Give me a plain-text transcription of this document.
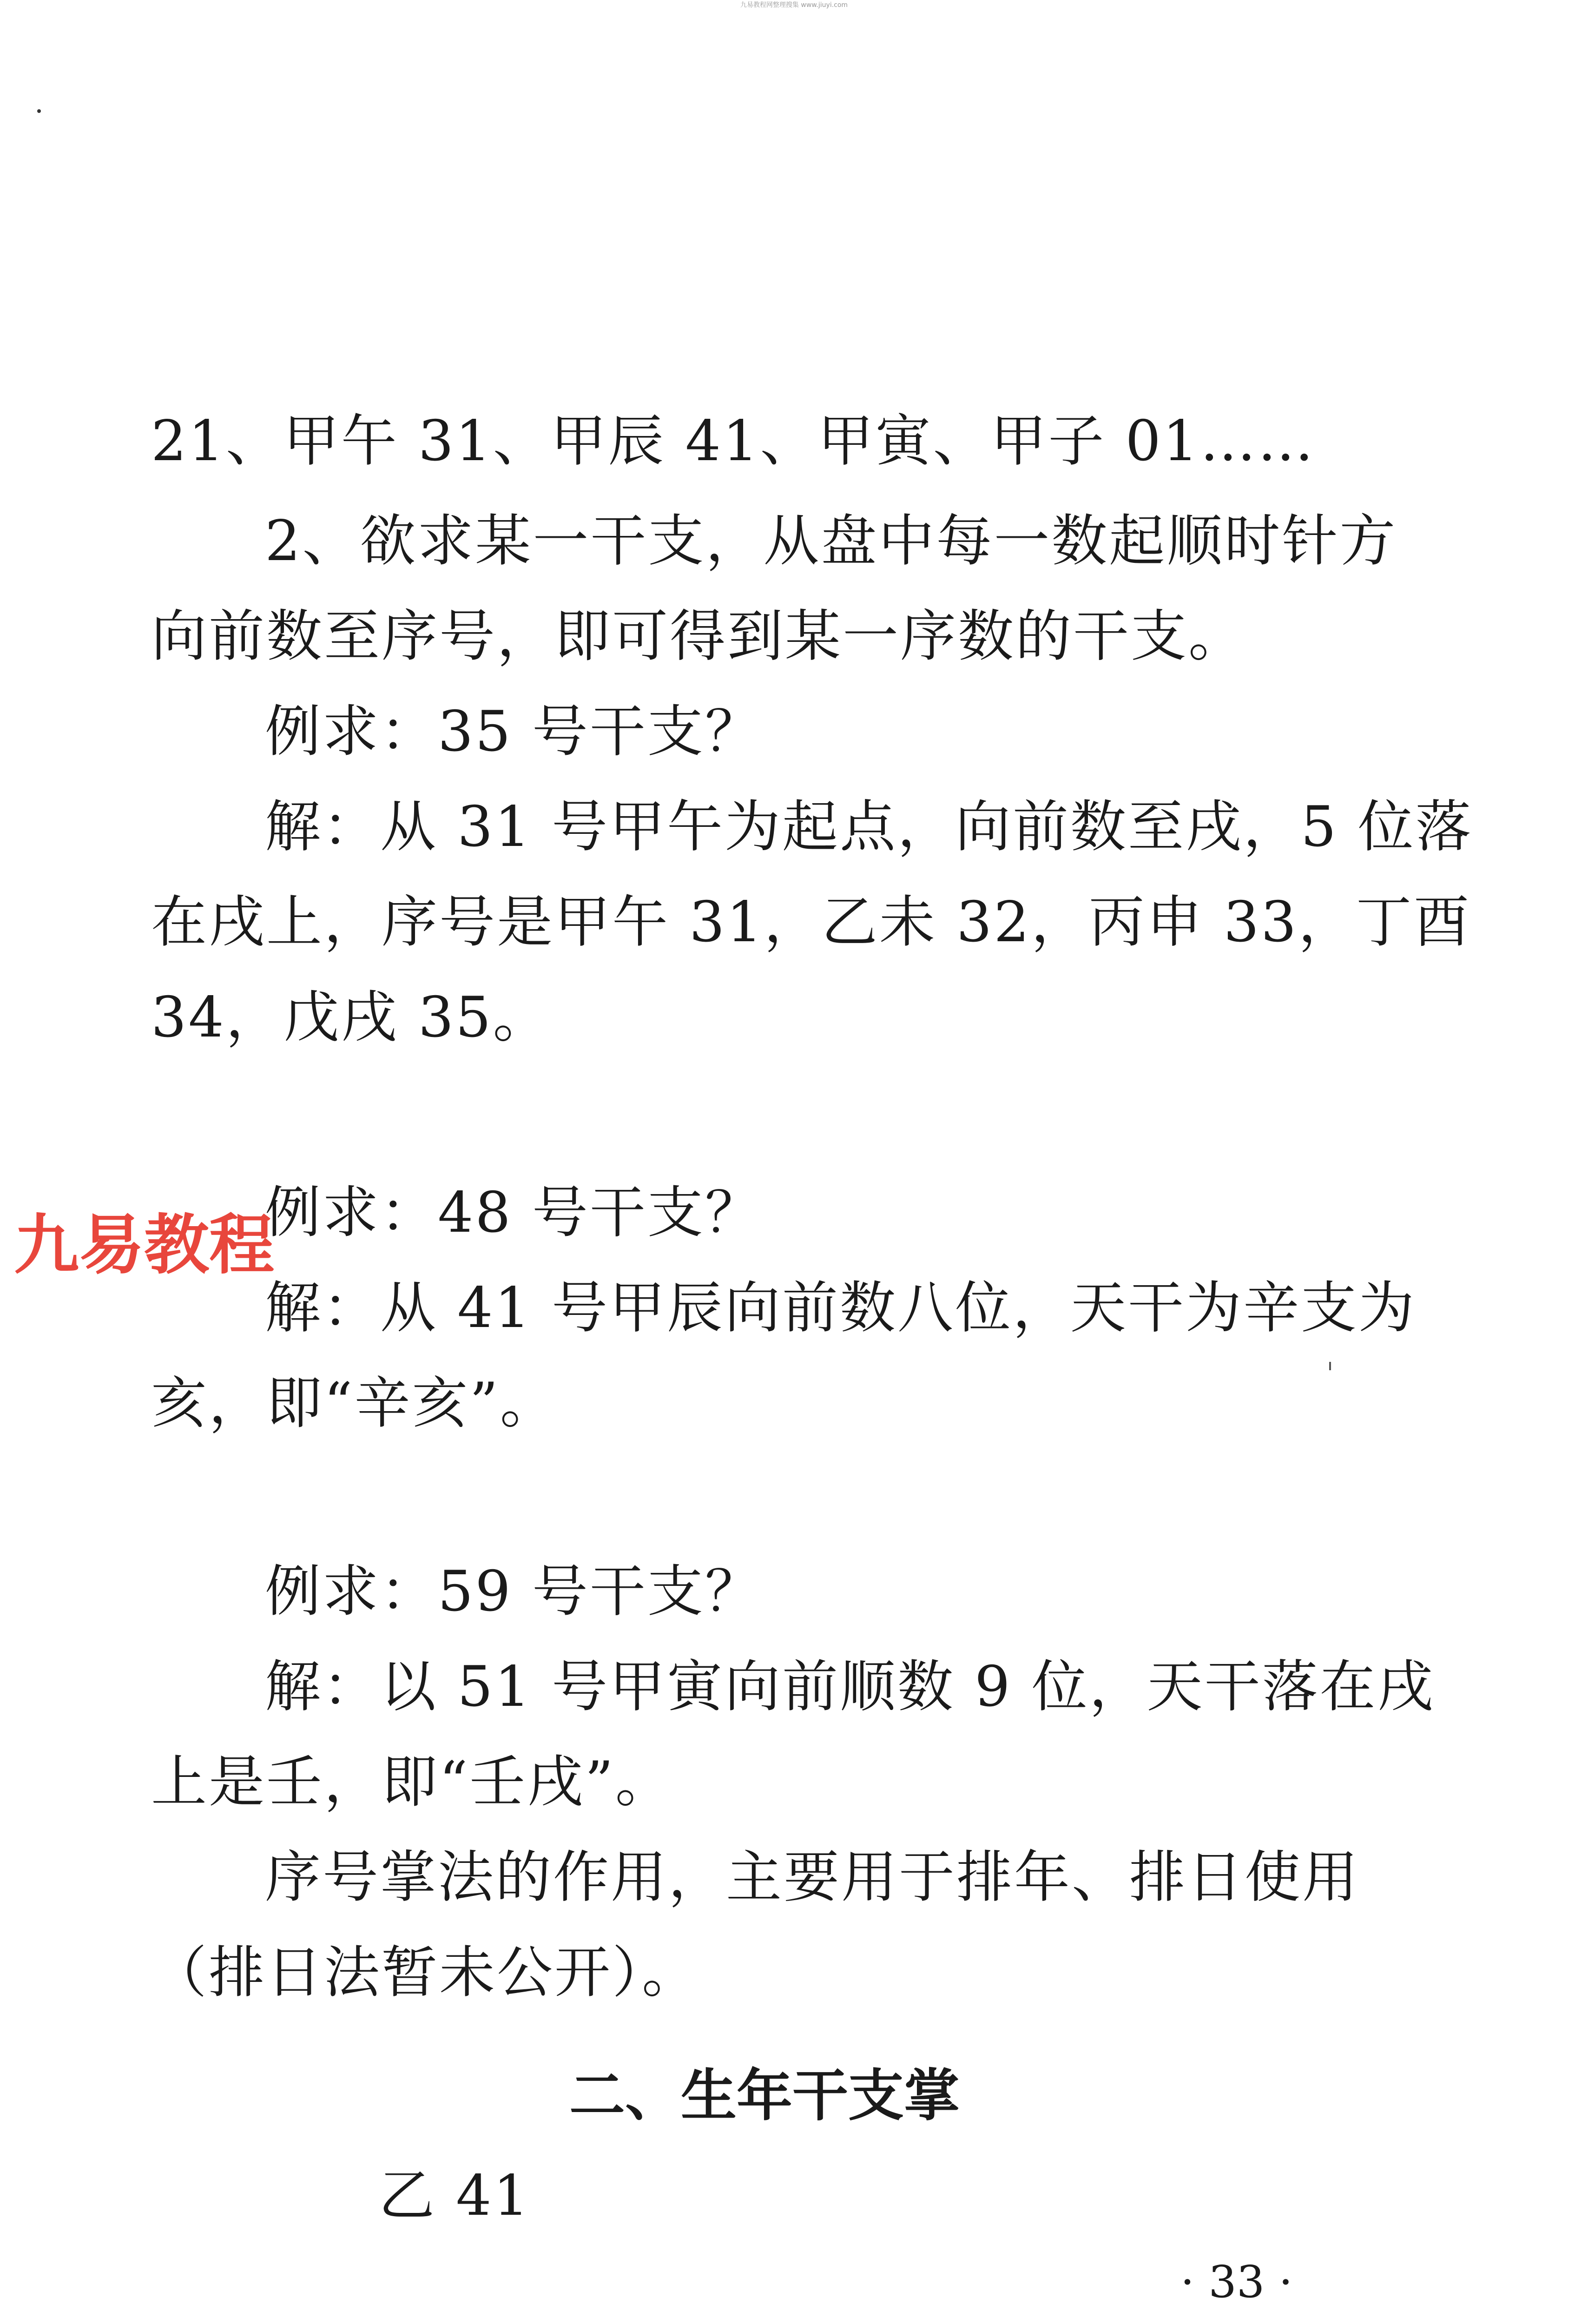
九易教程网整理搜集 www.jiuyi.com
21、甲午 31、甲辰 41、甲寅、甲子 01……
2、欲求某一干支，从盘中每一数起顺时针方
向前数至序号，即可得到某一序数的干支。
例求：35 号干支？
解：从 31 号甲午为起点，向前数至戌，5 位落
在戌上，序号是甲午 31，乙未 32，丙申 33，丁酉
34，戊戌 35。
例求：48 号干支？
解：从 41 号甲辰向前数八位，天干为辛支为
亥，即“辛亥”。
例求：59 号干支？
解：以 51 号甲寅向前顺数 9 位，天干落在戌
上是壬，即“壬戌”。
序号掌法的作用，主要用于排年、排日使用
（排日法暂未公开）。
二、生年干支掌
乙 41
九易教程
· 33 ·
